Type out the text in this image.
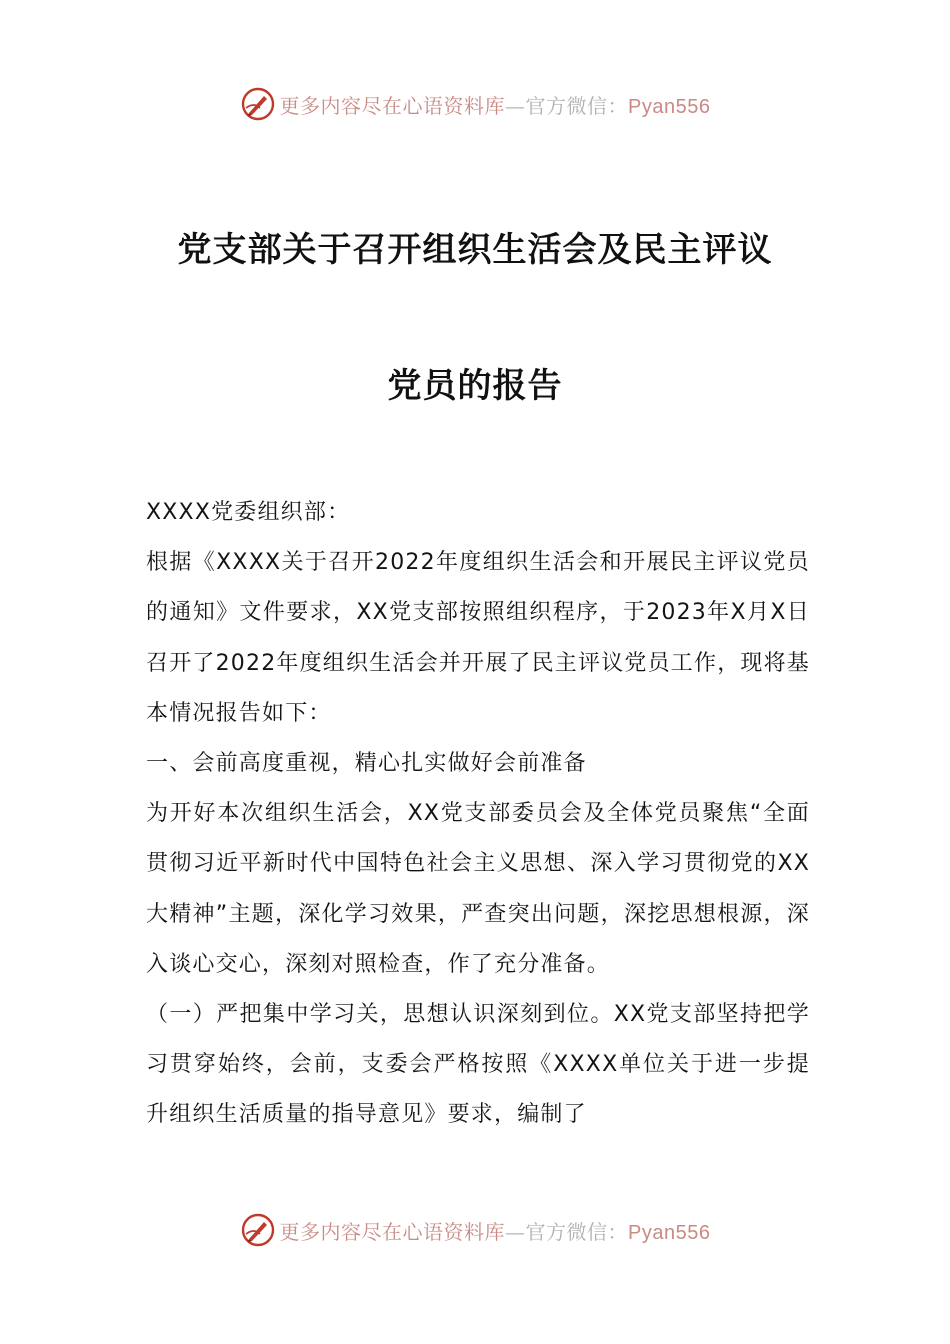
更多内容尽在心语资料库—官方微信：Pyan556
党支部关于召开组织生活会及民主评议
党员的报告

XXXX党委组织部：

根据《XXXX关于召开2022年度组织生活会和开展民主评议党员的通知》文件要求，XX党支部按照组织程序，于2023年X月X日召开了2022年度组织生活会并开展了民主评议党员工作，现将基本情况报告如下：

一、会前高度重视，精心扎实做好会前准备

为开好本次组织生活会，XX党支部委员会及全体党员聚焦“全面贯彻习近平新时代中国特色社会主义思想、深入学习贯彻党的XX大精神”主题，深化学习效果，严查突出问题，深挖思想根源，深入谈心交心，深刻对照检查，作了充分准备。

（一）严把集中学习关，思想认识深刻到位。XX党支部坚持把学习贯穿始终，会前，支委会严格按照《XXXX单位关于进一步提升组织生活质量的指导意见》要求，编制了

更多内容尽在心语资料库—官方微信：Pyan556
